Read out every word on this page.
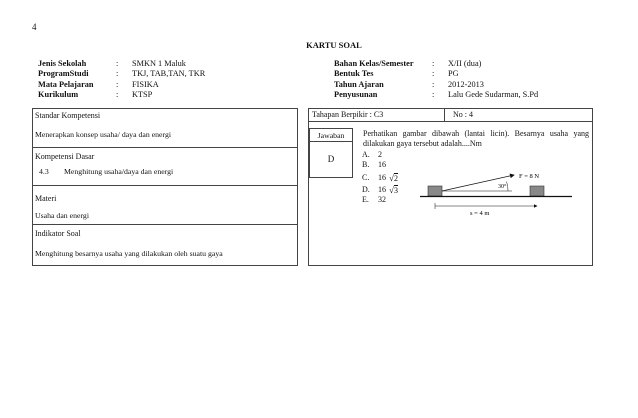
4
KARTU SOAL
Jenis Sekolah	:	SMKN 1 Maluk
ProgramStudi	:	TKJ, TAB,TAN, TKR
Mata Pelajaran	:	FISIKA
Kurikulum	:	KTSP
Bahan Kelas/Semester	:	X/II (dua)
Bentuk Tes	:	PG
Tahun Ajaran	:	2012-2013
Penyusunan	:	Lalu Gede Sudarman, S.Pd
Standar Kompetensi
Menerapkan konsep usaha/ daya dan energi
Kompetensi Dasar
4.3 Menghitung usaha/daya dan energi
Materi
Usaha dan energi
Indikator Soal
Menghitung besarnya usaha yang dilakukan oleh suatu gaya
Tahapan Berpikir : C3	No : 4
Jawaban
D
Perhatikan gambar dibawah (lantai licin). Besarnya usaha yang dilakukan gaya tersebut adalah....Nm
A.	2
B.	16
C.	16 √ 2
D.	16 √ 3
E.	32
30°
F = 8 N
s = 4 m
